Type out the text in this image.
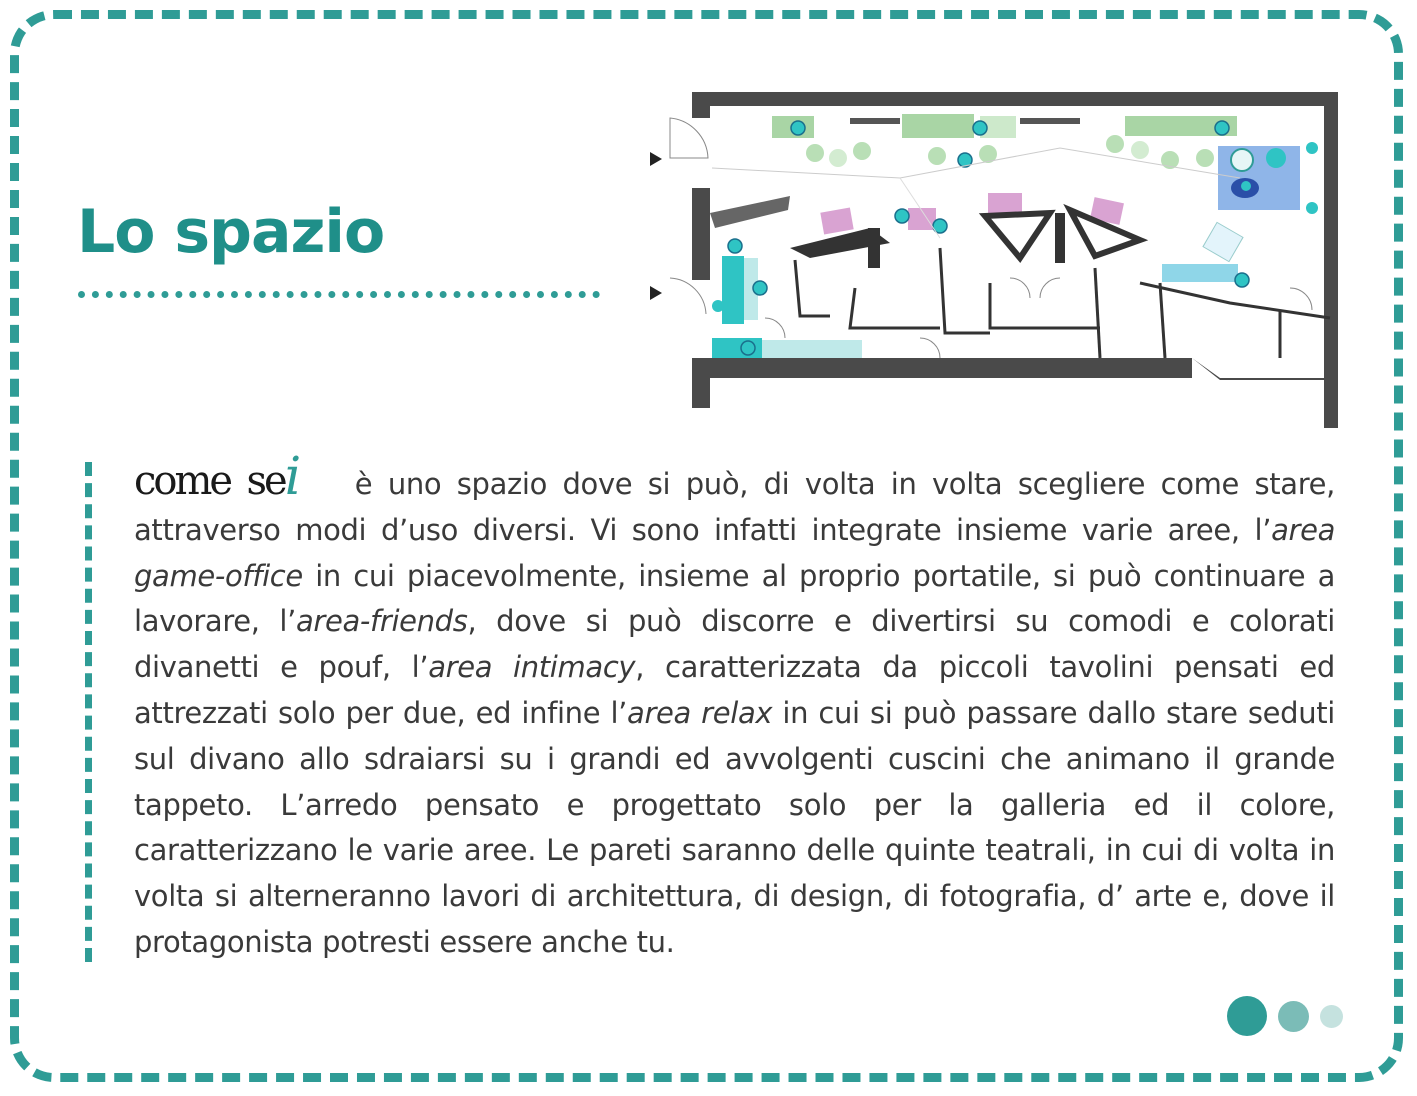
Lo spazio

come sei è uno spazio dove si può, di volta in volta scegliere come stare, attraverso modi d’uso diversi. Vi sono infatti integrate insieme varie aree, l’area game-office in cui piacevolmente, insieme al proprio portatile, si può continuare a lavorare, l’area-friends, dove si può discorre e divertirsi su comodi e colorati divanetti e pouf, l’area intimacy, caratterizzata da piccoli tavolini pensati ed attrezzati solo per due, ed infine l’area relax in cui si può passare dallo stare seduti sul divano allo sdraiarsi su i grandi ed avvolgenti cuscini che animano il grande tappeto. L’arredo pensato e progettato solo per la galleria ed il colore, caratterizzano le varie aree. Le pareti saranno delle quinte teatrali, in cui di volta in volta si alterneranno lavori di architettura, di design, di fotografia, d’ arte e, dove il protagonista potresti essere anche tu.
